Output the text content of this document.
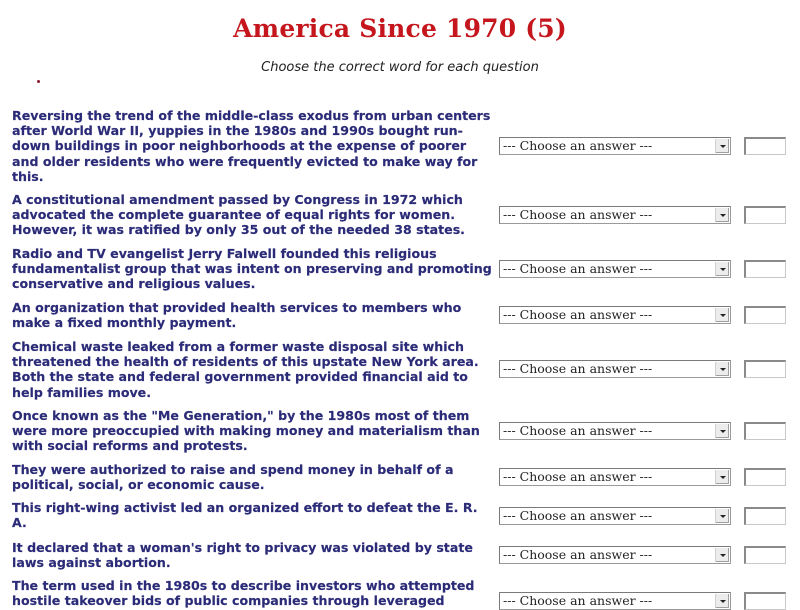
America Since 1970 (5)
Choose the correct word for each question
Reversing the trend of the middle-class exodus from urban centers after World War II, yuppies in the 1980s and 1990s bought run-down buildings in poor neighborhoods at the expense of poorer and older residents who were frequently evicted to make way for this.
--- Choose an answer ---
A constitutional amendment passed by Congress in 1972 which advocated the complete guarantee of equal rights for women. However, it was ratified by only 35 out of the needed 38 states.
--- Choose an answer ---
Radio and TV evangelist Jerry Falwell founded this religious fundamentalist group that was intent on preserving and promoting conservative and religious values.
--- Choose an answer ---
An organization that provided health services to members who make a fixed monthly payment.
--- Choose an answer ---
Chemical waste leaked from a former waste disposal site which threatened the health of residents of this upstate New York area. Both the state and federal government provided financial aid to help families move.
--- Choose an answer ---
Once known as the "Me Generation," by the 1980s most of them were more preoccupied with making money and materialism than with social reforms and protests.
--- Choose an answer ---
They were authorized to raise and spend money in behalf of a political, social, or economic cause.
--- Choose an answer ---
This right-wing activist led an organized effort to defeat the E. R. A.	--- Choose an answer ---
It declared that a woman's right to privacy was violated by state laws against abortion.
--- Choose an answer ---
The term used in the 1980s to describe investors who attempted hostile takeover bids of public companies through leveraged	--- Choose an answer ---
